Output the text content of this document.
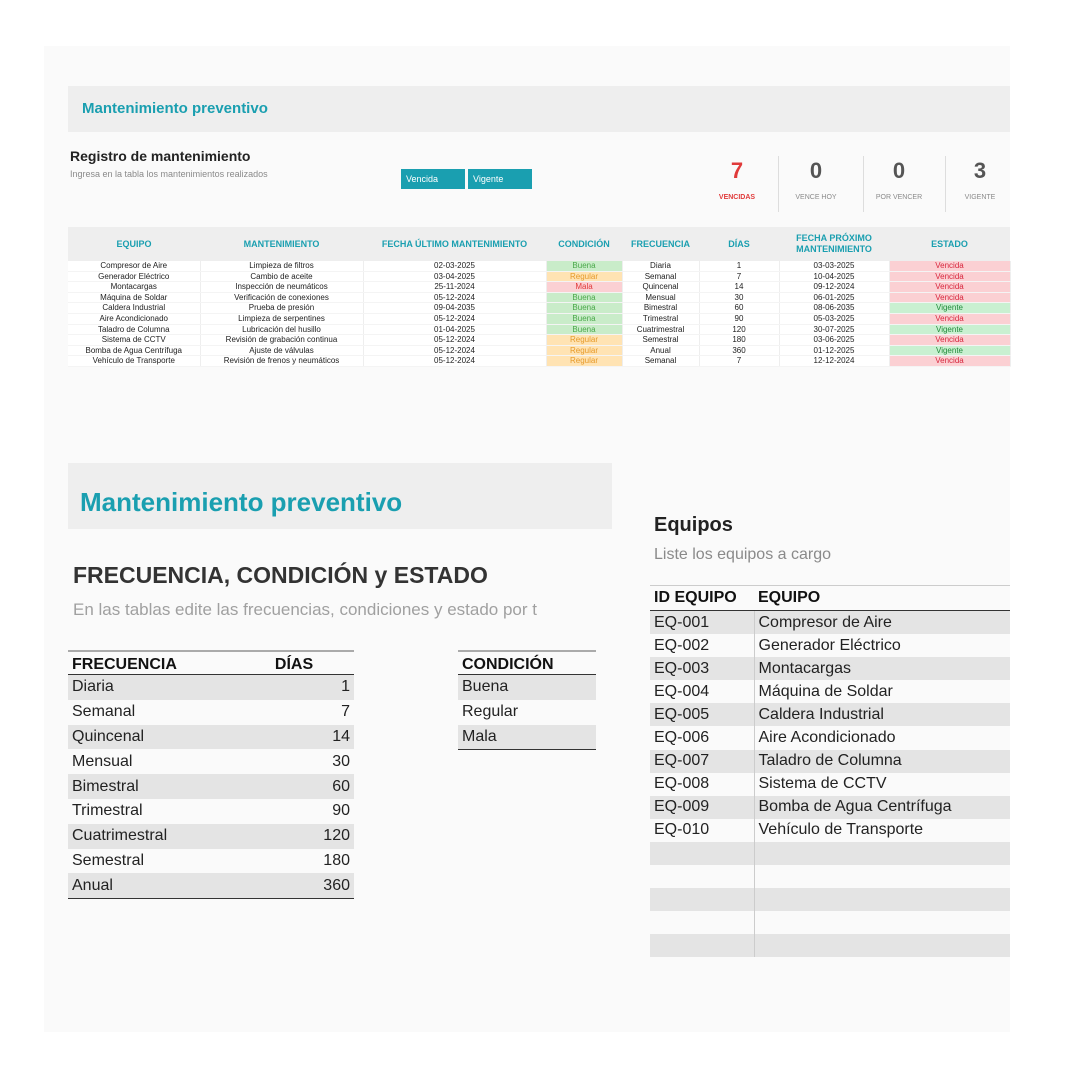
Mantenimiento preventivo
Registro de mantenimiento
Ingresa en la tabla los mantenimientos realizados	Vencida	Vigente	7
VENCIDAS
0
VENCE HOY
0
POR VENCER
3
VIGENTE
EQUIPO	MANTENIMIENTO	FECHA ÚLTIMO MANTENIMIENTO	CONDICIÓN	FRECUENCIA	DÍAS	FECHA PRÓXIMO MANTENIMIENTO	ESTADO
Compresor de Aire	Limpieza de filtros	02-03-2025	Buena	Diaria	1	03-03-2025	Vencida
Generador Eléctrico	Cambio de aceite	03-04-2025	Regular	Semanal	7	10-04-2025	Vencida
Montacargas	Inspección de neumáticos	25-11-2024	Mala	Quincenal	14	09-12-2024	Vencida
Máquina de Soldar	Verificación de conexiones	05-12-2024	Buena	Mensual	30	06-01-2025	Vencida
Caldera Industrial	Prueba de presión	09-04-2035	Buena	Bimestral	60	08-06-2035	Vigente
Aire Acondicionado	Limpieza de serpentines	05-12-2024	Buena	Trimestral	90	05-03-2025	Vencida
Taladro de Columna	Lubricación del husillo	01-04-2025	Buena	Cuatrimestral	120	30-07-2025	Vigente
Sistema de CCTV	Revisión de grabación continua	05-12-2024	Regular	Semestral	180	03-06-2025	Vencida
Bomba de Agua Centrífuga	Ajuste de válvulas	05-12-2024	Regular	Anual	360	01-12-2025	Vigente
Vehículo de Transporte	Revisión de frenos y neumáticos	05-12-2024	Regular	Semanal	7	12-12-2024	Vencida
Mantenimiento preventivo
FRECUENCIA, CONDICIÓN y ESTADO
En las tablas edite las frecuencias, condiciones y estado por t
FRECUENCIA	DÍAS
Diaria	1
Semanal	7
Quincenal	14
Mensual	30
Bimestral	60
Trimestral	90
Cuatrimestral	120
Semestral	180
Anual	360
CONDICIÓN
Buena
Regular
Mala
Equipos
Liste los equipos a cargo
ID EQUIPO	EQUIPO
EQ-001	Compresor de Aire
EQ-002	Generador Eléctrico
EQ-003	Montacargas
EQ-004	Máquina de Soldar
EQ-005	Caldera Industrial
EQ-006	Aire Acondicionado
EQ-007	Taladro de Columna
EQ-008	Sistema de CCTV
EQ-009	Bomba de Agua Centrífuga
EQ-010	Vehículo de Transporte
